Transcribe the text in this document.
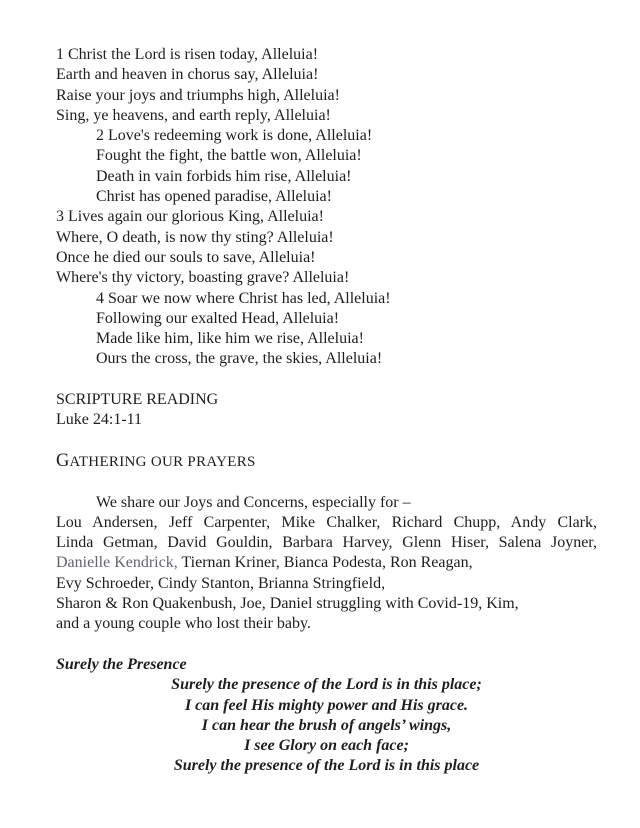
1 Christ the Lord is risen today, Alleluia!
Earth and heaven in chorus say, Alleluia!
Raise your joys and triumphs high, Alleluia!
Sing, ye heavens, and earth reply, Alleluia!
2 Love's redeeming work is done, Alleluia!
Fought the fight, the battle won, Alleluia!
Death in vain forbids him rise, Alleluia!
Christ has opened paradise, Alleluia!
3 Lives again our glorious King, Alleluia!
Where, O death, is now thy sting? Alleluia!
Once he died our souls to save, Alleluia!
Where's thy victory, boasting grave? Alleluia!
4 Soar we now where Christ has led, Alleluia!
Following our exalted Head, Alleluia!
Made like him, like him we rise, Alleluia!
Ours the cross, the grave, the skies, Alleluia!
SCRIPTURE READING
Luke 24:1-11
GATHERING OUR PRAYERS
We share our Joys and Concerns, especially for –
Lou Andersen, Jeff Carpenter, Mike Chalker, Richard Chupp, Andy Clark,
Linda Getman, David Gouldin, Barbara Harvey, Glenn Hiser, Salena Joyner,
Danielle Kendrick, Tiernan Kriner, Bianca Podesta, Ron Reagan,
Evy Schroeder, Cindy Stanton, Brianna Stringfield,
Sharon & Ron Quakenbush, Joe, Daniel struggling with Covid-19, Kim,
and a young couple who lost their baby.
Surely the Presence
Surely the presence of the Lord is in this place;
I can feel His mighty power and His grace.
I can hear the brush of angels’ wings,
I see Glory on each face;
Surely the presence of the Lord is in this place
